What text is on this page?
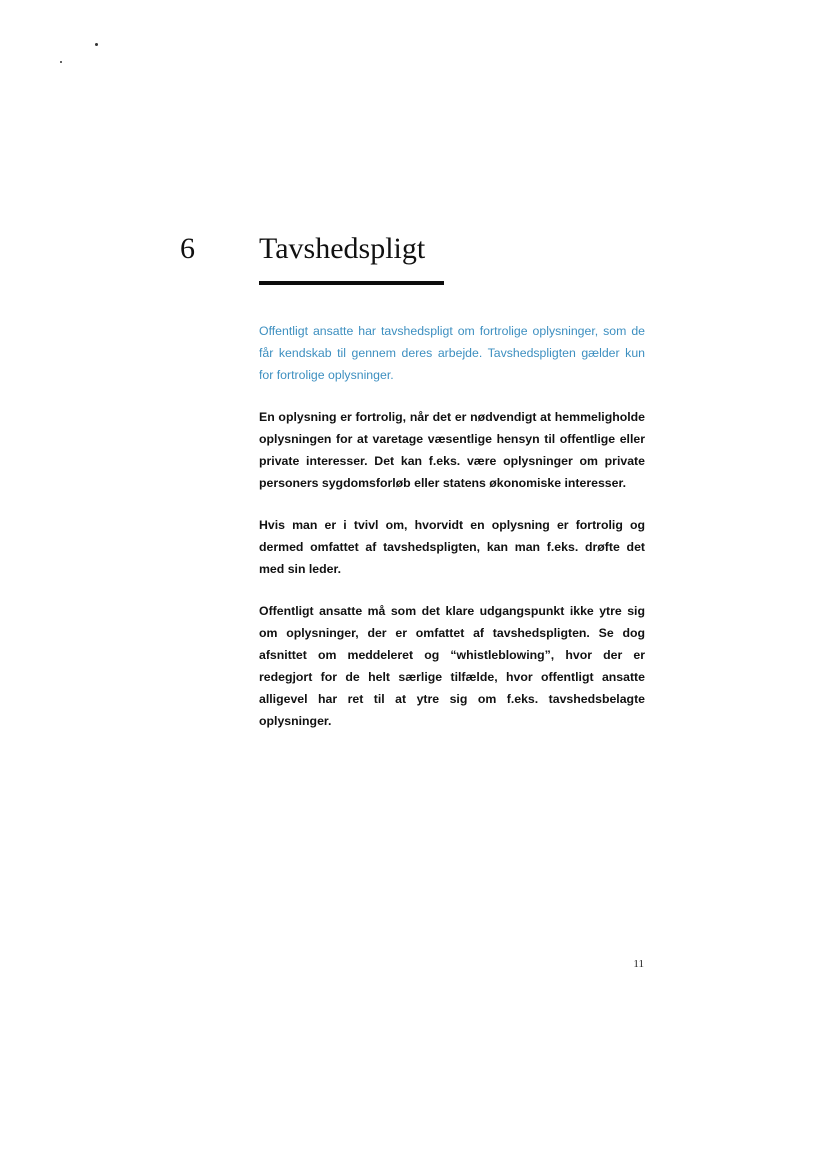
6 Tavshedspligt

Offentligt ansatte har tavshedspligt om fortrolige oplysninger, som de får kendskab til gennem deres arbejde. Tavshedspligten gælder kun for fortrolige oplysninger.

En oplysning er fortrolig, når det er nødvendigt at hemmeligholde oplysningen for at varetage væsentlige hensyn til offentlige eller private interesser. Det kan f.eks. være oplysninger om private personers sygdomsforløb eller statens økonomiske interesser.

Hvis man er i tvivl om, hvorvidt en oplysning er fortrolig og dermed omfattet af tavshedspligten, kan man f.eks. drøfte det med sin leder.

Offentligt ansatte må som det klare udgangspunkt ikke ytre sig om oplysninger, der er omfattet af tavshedspligten. Se dog afsnittet om meddeleret og “whistleblowing”, hvor der er redegjort for de helt særlige tilfælde, hvor offentligt ansatte alligevel har ret til at ytre sig om f.eks. tavshedsbelagte oplysninger.

11
